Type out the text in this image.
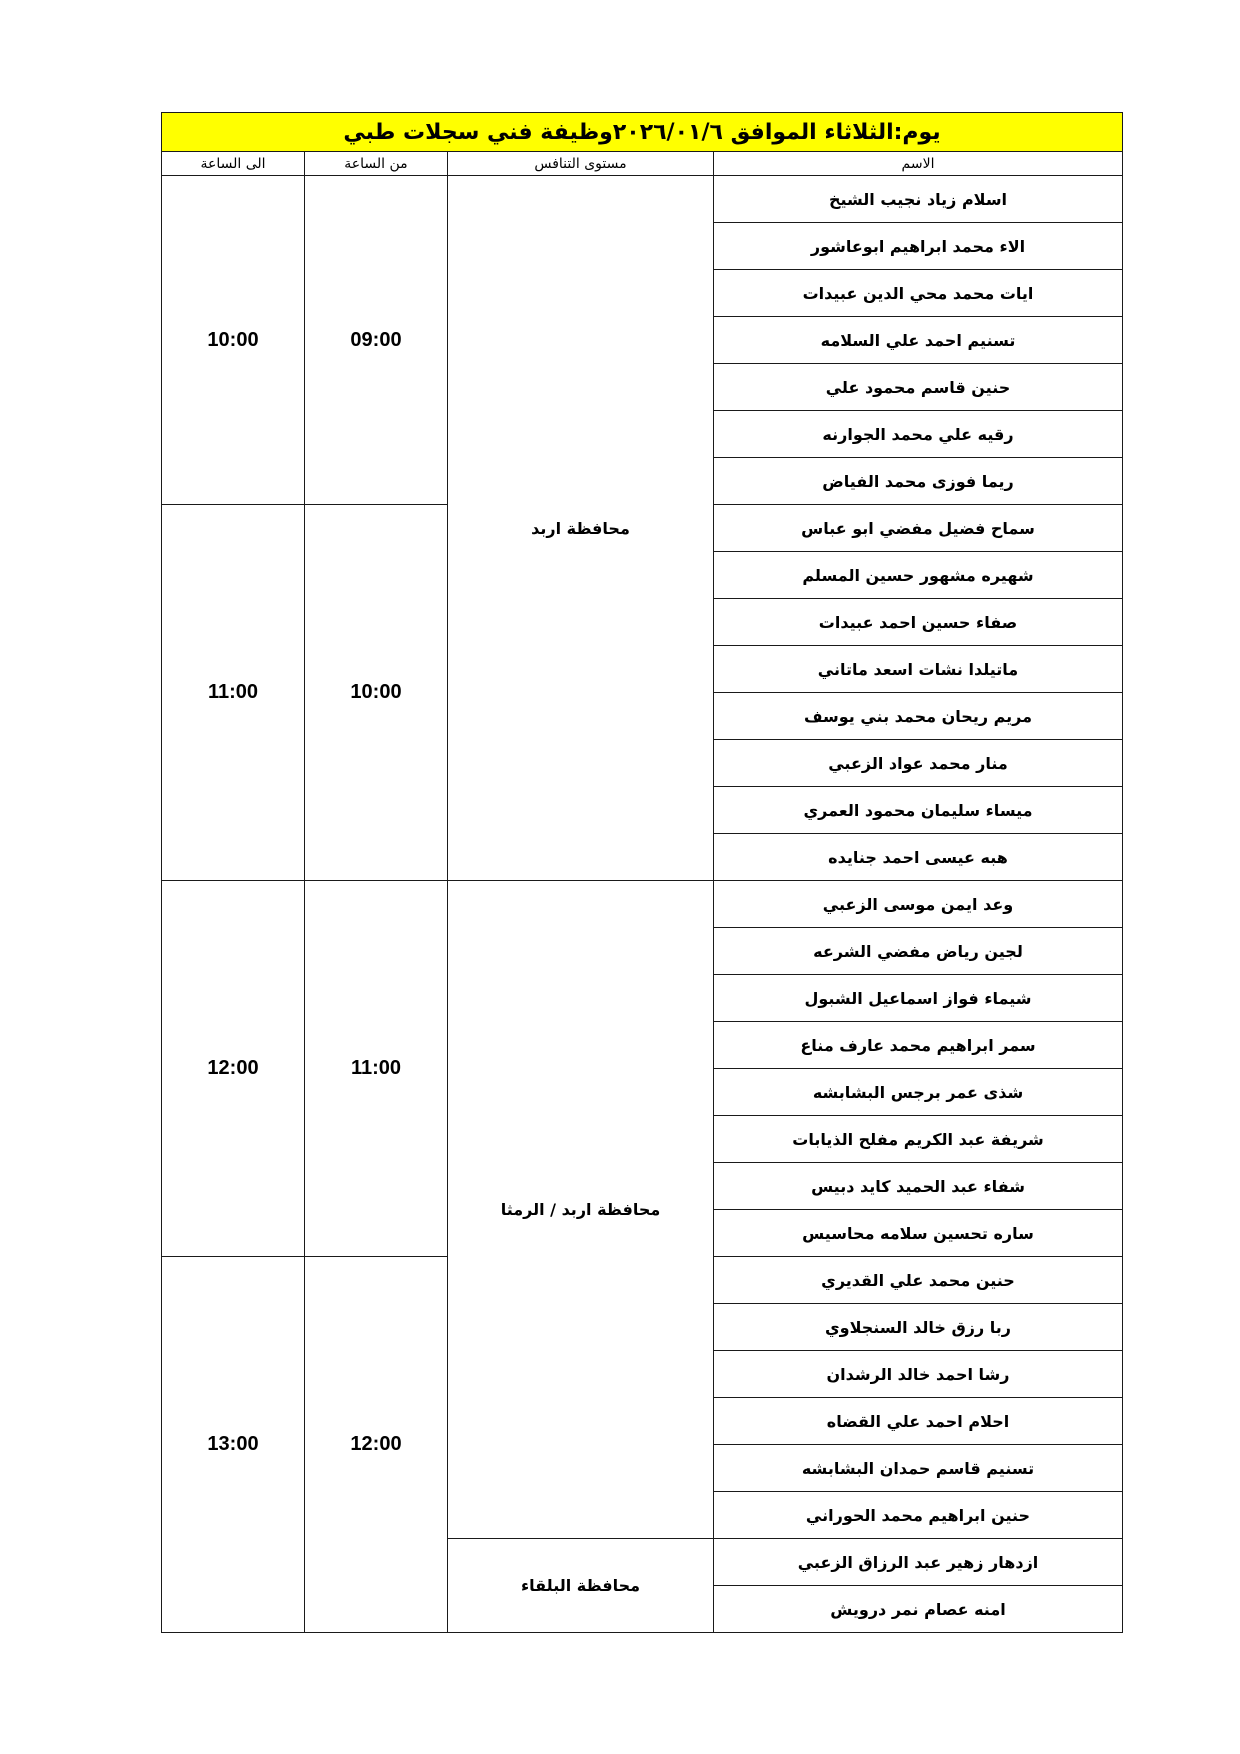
يوم:الثلاثاء الموافق ٢٠٢٦/٠١/٦وظيفة فني سجلات طبي			
الى الساعة	من الساعة	مستوى التنافس	الاسم
10:00	09:00	محافظة اربد	اسلام زياد نجيب الشيخ
			الاء محمد ابراهيم ابوعاشور
			ايات محمد محي الدين عبيدات
			تسنيم احمد علي السلامه
			حنين قاسم محمود علي
			رقيه علي محمد الجوارنه
			ريما فوزى محمد الفياض
11:00	10:00		سماح فضيل مفضي ابو عباس
			شهيره مشهور حسين المسلم
			صفاء حسين احمد عبيدات
			ماتيلدا نشات اسعد ماتاني
			مريم ريحان محمد بني يوسف
			منار محمد عواد الزعبي
			ميساء سليمان محمود العمري
			هبه عيسى احمد جنايده
12:00	11:00	محافظة اربد / الرمثا	وعد ايمن موسى الزعبي
			لجين رياض مفضي الشرعه
			شيماء فواز اسماعيل الشبول
			سمر ابراهيم محمد عارف مناع
			شذى عمر برجس البشابشه
			شريفة عبد الكريم مفلح الذيابات
			شفاء عبد الحميد كايد دبيس
			ساره تحسين سلامه محاسيس
13:00	12:00		حنين محمد علي القديري
			ربا رزق خالد السنجلاوي
			رشا احمد خالد الرشدان
			احلام احمد علي القضاه
			تسنيم قاسم حمدان البشابشه
			حنين ابراهيم محمد الحوراني
		محافظة البلقاء	ازدهار زهير عبد الرزاق الزعبي
			امنه عصام نمر درويش
